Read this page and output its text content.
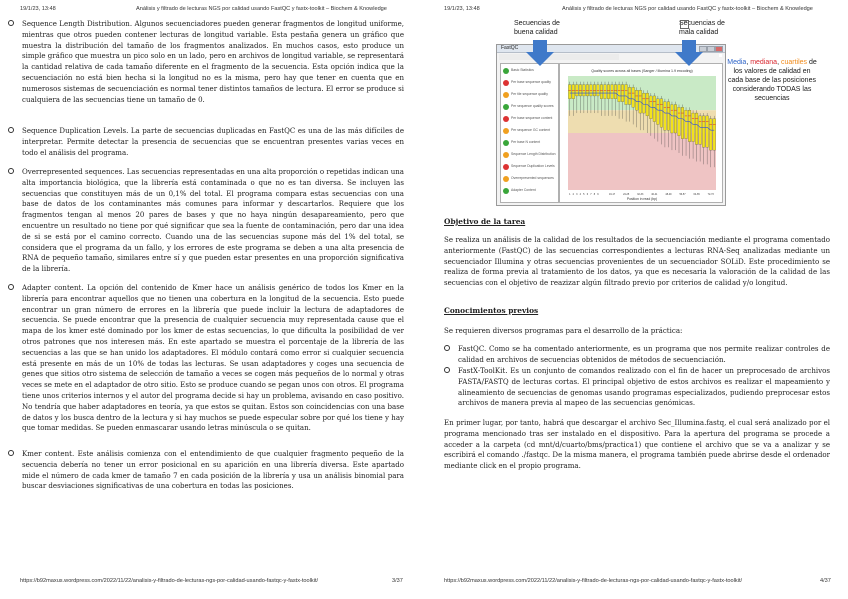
19/1/23, 13:48	Análisis y filtrado de lecturas NGS por calidad usando FastQC y fastx-toolkit – Biochem & Knowledge

Sequence Length Distribution. Algunos secuenciadores pueden generar fragmentos de longitud uniforme, mientras que otros pueden contener lecturas de longitud variable. Esta pestaña genera un gráfico que muestra la distribución del tamaño de los fragmentos analizados. En muchos casos, esto produce un simple gráfico que muestra un pico solo en un lado, pero en archivos de longitud variable, se representará la cantidad relativa de cada tamaño diferente en el fragmento de la secuencia. Esta opción indica que la secuenciación no está bien hecha si la longitud no es la misma, pero hay que tener en cuenta que en numerosos sistemas de secuenciación es normal tener distintos tamaños de lectura. El error se produce si cualquiera de las secuencias tiene un tamaño de 0.

Sequence Duplication Levels. La parte de secuencias duplicadas en FastQC es una de las más difíciles de interpretar. Permite detectar la presencia de secuencias que se encuentran presentes varias veces en todo el análisis del programa.

Overrepresented sequences. Las secuencias representadas en una alta proporción o repetidas indican una alta importancia biológica, que la librería está contaminada o que no es tan diversa. Se incluyen las secuencias que constituyen más de un 0,1% del total. El programa compara estas secuencias con una base de datos de los contaminantes más comunes para informar y descartarlos. Requiere que los fragmentos tengan al menos 20 pares de bases y que no haya ningún desapareamiento, pero que encuentre un resultado no tiene por qué significar que sea la fuente de contaminación, pero dar una idea de si se está por el camino correcto. Cuando una de las secuencias supone más del 1% del total, se considera que el programa da un fallo, y los errores de este programa se deben a una alta presencia de RNA de pequeño tamaño, similares entre sí y que pueden estar presentes en una proporción significativa de la librería.

Adapter content. La opción del contenido de Kmer hace un análisis genérico de todos los Kmer en la librería para encontrar aquellos que no tienen una cobertura en la longitud de la secuencia. Esto puede encontrar un gran número de errores en la librería que puede incluir la lectura de adaptadores de secuencia. Se puede encontrar que la presencia de cualquier secuencia muy representada cause que el mapa de los kmer esté dominado por los kmer de estas secuencias, lo que dificulta la posibilidad de ver otros patrones que nos interesen más. En este apartado se muestra el porcentaje de la librería de las secuencias a las que se han unido los adaptadores. El módulo contará como error si cualquier secuencia está presente en más de un 10% de todas las lecturas. Se usan adaptadores y coges una secuencia de genes que sitios otro sistema de selección de tamaño a veces se cogen más pequeños de lo normal y otras veces se mete en el adaptador de otro sitio. Esto se produce cuando se pegan unos con otros. El programa tiene unos criterios internos y el autor del programa decide si hay un problema, avisando en caso positivo. No tendría que haber adaptadores en teoría, ya que estos se quitan. Estos son coincidencias con una base de datos y los busca dentro de la lectura y si hay muchos se puede especular sobre por qué los tiene y hay que tomar medidas. Se pueden enmascarar usando letras minúscula o se quitan.

Kmer content. Este análisis comienza con el entendimiento de que cualquier fragmento pequeño de la secuencia debería no tener un error posicional en su aparición en una librería diversa. Este apartado mide el número de cada kmer de tamaño 7 en cada posición de la librería y usa un análisis binomial para buscar desviaciones significativas de una cobertura en todas las posiciones.

https://b92maxus.wordpress.com/2022/11/22/analisis-y-filtrado-de-lecturas-ngs-por-calidad-usando-fastqc-y-fastx-toolkit/	3/37
19/1/23, 13:48	Análisis y filtrado de lecturas NGS por calidad usando FastQC y fastx-toolkit – Biochem & Knowledge
Secuencias de buena calidad
Secuencias de mala calidad
FastQC
Basic Statistics
Per base sequence quality
Per tile sequence quality
Per sequence quality scores
Per base sequence content
Per sequence GC content
Per base N content
Sequence Length Distribution
Sequence Duplication Levels
Overrepresented sequences
Adapter Content
Quality scores across all bases (Sanger / Illumina 1.9 encoding)
Position in read (bp)
1 2 3 4 5 6 7 8 9	16-17	24-25	32-33	40-41	48-49	56-57	64-65	72-73
Media, mediana, cuartiles de los valores de calidad en cada base de las posiciones considerando TODAS las secuencias

Objetivo de la tarea

Se realiza un análisis de la calidad de los resultados de la secuenciación mediante el programa comentado anteriormente (FastQC) de las secuencias correspondientes a lecturas RNA-Seq analizadas mediante un secuenciador Illumina y otras secuencias provenientes de un secuenciador SOLiD. Este procedimiento se realiza de forma previa al tratamiento de los datos, ya que es necesaria la valoración de la calidad de las secuencias con el objetivo de reazizar algún filtrado previo por criterios de calidad y/o longitud.

Conocimientos previos

Se requieren diversos programas para el desarrollo de la práctica:

FastQC. Como se ha comentado anteriormente, es un programa que nos permite realizar controles de calidad en archivos de secuencias obtenidos de métodos de secuenciación.

FastX-ToolKit. Es un conjunto de comandos realizado con el fin de hacer un preprocesado de archivos FASTA/FASTQ de lecturas cortas. El principal objetivo de estos archivos es realizar el mapeamiento y alineamiento de secuencias de genomas usando programas especializados, pudiendo preprocesar estos archivos de manera previa al mapeo de las secuencias genómicas.

En primer lugar, por tanto, habrá que descargar el archivo Sec_Illumina.fastq, el cual será analizado por el programa mencionado tras ser instalado en el dispositivo. Para la apertura del programa se procede a acceder a la carpeta (cd mnt/d/cuarto/bms/practica1) que contiene el archivo que se va a analizar y se escribirá el comando ./fastqc. De la misma manera, el programa también puede abrirse desde el ordenador mediante click en el propio programa.

https://b92maxus.wordpress.com/2022/11/22/analisis-y-filtrado-de-lecturas-ngs-por-calidad-usando-fastqc-y-fastx-toolkit/	4/37
